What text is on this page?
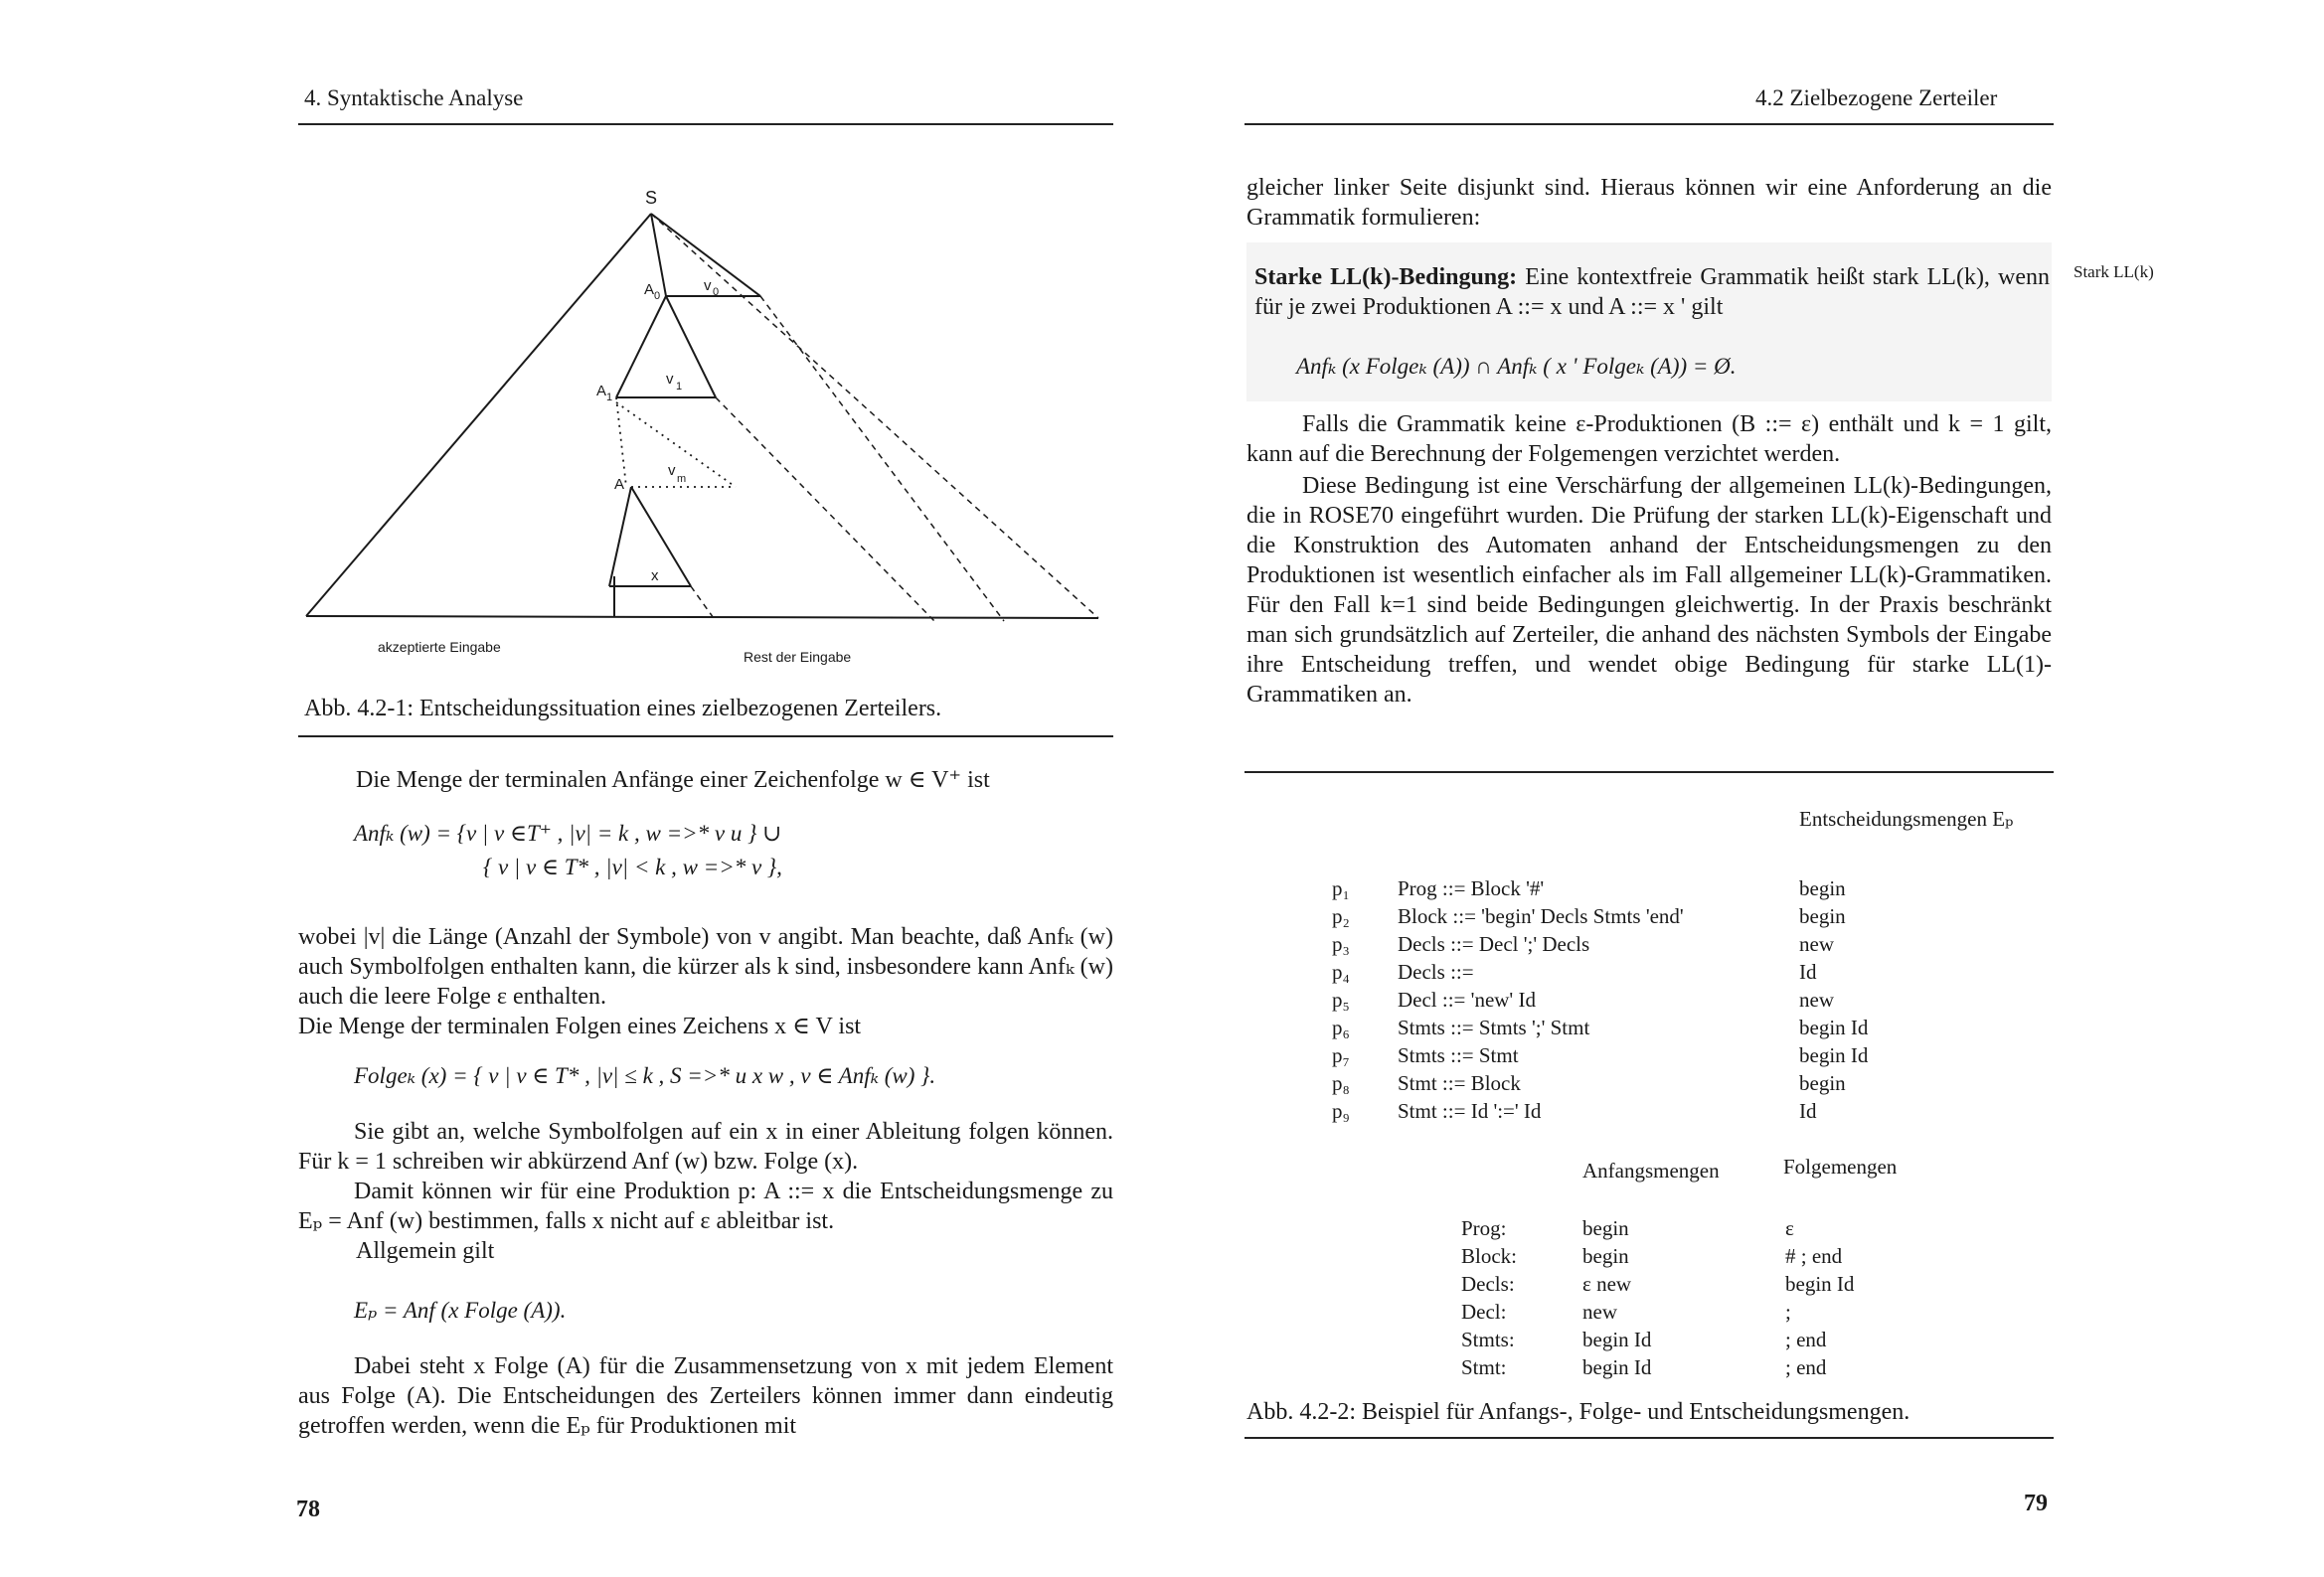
4. Syntaktische Analyse
S
A 0
v 0
A 1
v 1
A
v m
x
akzeptierte Eingabe
Rest der Eingabe
Abb. 4.2-1: Entscheidungssituation eines zielbezogenen Zerteilers.
Die Menge der terminalen Anfänge einer Zeichenfolge w ∈ V⁺ ist
Anfₖ (w) = {v | v ∈T⁺ , |v| = k , w =>* v u } ∪
{ v | v ∈ T* , |v| < k , w =>* v },
wobei |v| die Länge (Anzahl der Symbole) von v angibt. Man beachte, daß Anfₖ (w) auch Symbolfolgen enthalten kann, die kürzer als k sind, insbesondere kann Anfₖ (w) auch die leere Folge ε enthalten.
Die Menge der terminalen Folgen eines Zeichens x ∈ V ist
Folgeₖ (x) = { v | v ∈ T* , |v| ≤ k , S =>* u x w , v ∈ Anfₖ (w) }.
Sie gibt an, welche Symbolfolgen auf ein x in einer Ableitung folgen können. Für k = 1 schreiben wir abkürzend Anf (w) bzw. Folge (x).
Damit können wir für eine Produktion p: A ::= x die Entscheidungsmenge zu Eₚ = Anf (w) bestimmen, falls x nicht auf ε ableitbar ist.
Allgemein gilt
Eₚ = Anf (x Folge (A)).
Dabei steht x Folge (A) für die Zusammensetzung von x mit jedem Element aus Folge (A). Die Entscheidungen des Zerteilers können immer dann eindeutig getroffen werden, wenn die Eₚ für Produktionen mit
78
4.2 Zielbezogene Zerteiler
gleicher linker Seite disjunkt sind. Hieraus können wir eine Anforderung an die Grammatik formulieren:
Starke LL(k)-Bedingung: Eine kontextfreie Grammatik heißt stark LL(k), wenn für je zwei Produktionen A ::= x und A ::= x ' gilt
Anfₖ (x Folgeₖ (A)) ∩ Anfₖ ( x ' Folgeₖ (A)) = Ø.
Stark LL(k)
Falls die Grammatik keine ε-Produktionen (B ::= ε) enthält und k = 1 gilt, kann auf die Berechnung der Folgemengen verzichtet werden.
Diese Bedingung ist eine Verschärfung der allgemeinen LL(k)-Bedingungen, die in ROSE70 eingeführt wurden. Die Prüfung der starken LL(k)-Eigenschaft und die Konstruktion des Automaten anhand der Entscheidungsmengen zu den Produktionen ist wesentlich einfacher als im Fall allgemeiner LL(k)-Grammatiken. Für den Fall k=1 sind beide Bedingungen gleichwertig. In der Praxis beschränkt man sich grundsätzlich auf Zerteiler, die anhand des nächsten Symbols der Eingabe ihre Entscheidung treffen, und wendet obige Bedingung für starke LL(1)-Grammatiken an.
Entscheidungsmengen Eₚ
p₁	Prog ::= Block '#'	begin
p₂	Block ::= 'begin' Decls Stmts 'end'	begin
p₃	Decls ::= Decl ';' Decls	new
p₄	Decls ::=	Id
p₅	Decl ::= 'new' Id	new
p₆	Stmts ::= Stmts ';' Stmt	begin Id
p₇	Stmts ::= Stmt	begin Id
p₈	Stmt ::= Block	begin
p₉	Stmt ::= Id ':=' Id	Id
Anfangsmengen	Folgemengen
Prog:	begin	ε
Block:	begin	# ; end
Decls:	ε new	begin Id
Decl:	new	;
Stmts:	begin Id	; end
Stmt:	begin Id	; end
Abb. 4.2-2: Beispiel für Anfangs-, Folge- und Entscheidungsmengen.
79
